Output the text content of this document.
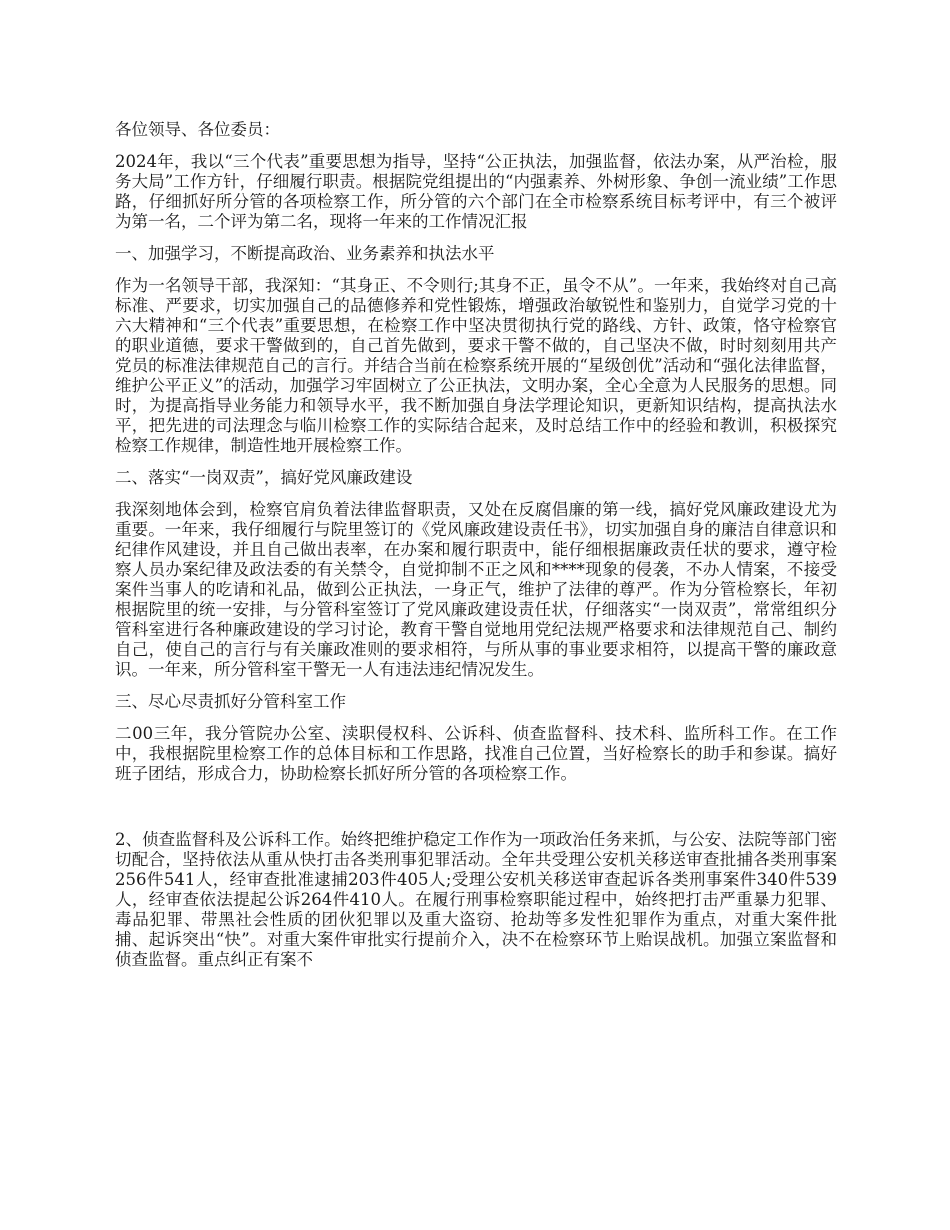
各位领导、各位委员：

2024年，我以“三个代表”重要思想为指导，坚持“公正执法，加强监督，依法办案，从严治检，服务大局”工作方针，仔细履行职责。根据院党组提出的“内强素养、外树形象、争创一流业绩”工作思路，仔细抓好所分管的各项检察工作，所分管的六个部门在全市检察系统目标考评中，有三个被评为第一名，二个评为第二名，现将一年来的工作情况汇报

一、加强学习，不断提高政治、业务素养和执法水平

作为一名领导干部，我深知：“其身正、不令则行;其身不正，虽令不从”。一年来，我始终对自己高标准、严要求，切实加强自己的品德修养和党性锻炼，增强政治敏锐性和鉴别力，自觉学习党的十六大精神和“三个代表”重要思想，在检察工作中坚决贯彻执行党的路线、方针、政策，恪守检察官的职业道德，要求干警做到的，自己首先做到，要求干警不做的，自己坚决不做，时时刻刻用共产党员的标准法律规范自己的言行。并结合当前在检察系统开展的“星级创优”活动和“强化法律监督，维护公平正义”的活动，加强学习牢固树立了公正执法，文明办案，全心全意为人民服务的思想。同时，为提高指导业务能力和领导水平，我不断加强自身法学理论知识，更新知识结构，提高执法水平，把先进的司法理念与临川检察工作的实际结合起来，及时总结工作中的经验和教训，积极探究检察工作规律，制造性地开展检察工作。

二、落实“一岗双责”，搞好党风廉政建设

我深刻地体会到，检察官肩负着法律监督职责，又处在反腐倡廉的第一线，搞好党风廉政建设尤为重要。一年来，我仔细履行与院里签订的《党风廉政建设责任书》，切实加强自身的廉洁自律意识和纪律作风建设，并且自己做出表率，在办案和履行职责中，能仔细根据廉政责任状的要求，遵守检察人员办案纪律及政法委的有关禁令，自觉抑制不正之风和****现象的侵袭，不办人情案，不接受案件当事人的吃请和礼品，做到公正执法，一身正气，维护了法律的尊严。作为分管检察长，年初根据院里的统一安排，与分管科室签订了党风廉政建设责任状，仔细落实“一岗双责”，常常组织分管科室进行各种廉政建设的学习讨论，教育干警自觉地用党纪法规严格要求和法律规范自己、制约自己，使自己的言行与有关廉政准则的要求相符，与所从事的事业要求相符，以提高干警的廉政意识。一年来，所分管科室干警无一人有违法违纪情况发生。

三、尽心尽责抓好分管科室工作

二00三年，我分管院办公室、渎职侵权科、公诉科、侦查监督科、技术科、监所科工作。在工作中，我根据院里检察工作的总体目标和工作思路，找准自己位置，当好检察长的助手和参谋。搞好班子团结，形成合力，协助检察长抓好所分管的各项检察工作。

2、侦查监督科及公诉科工作。始终把维护稳定工作作为一项政治任务来抓，与公安、法院等部门密切配合，坚持依法从重从快打击各类刑事犯罪活动。全年共受理公安机关移送审查批捕各类刑事案256件541人，经审查批准逮捕203件405人;受理公安机关移送审查起诉各类刑事案件340件539人，经审查依法提起公诉264件410人。在履行刑事检察职能过程中，始终把打击严重暴力犯罪、毒品犯罪、带黑社会性质的团伙犯罪以及重大盗窃、抢劫等多发性犯罪作为重点，对重大案件批捕、起诉突出“快”。对重大案件审批实行提前介入，决不在检察环节上贻误战机。加强立案监督和侦查监督。重点纠正有案不
